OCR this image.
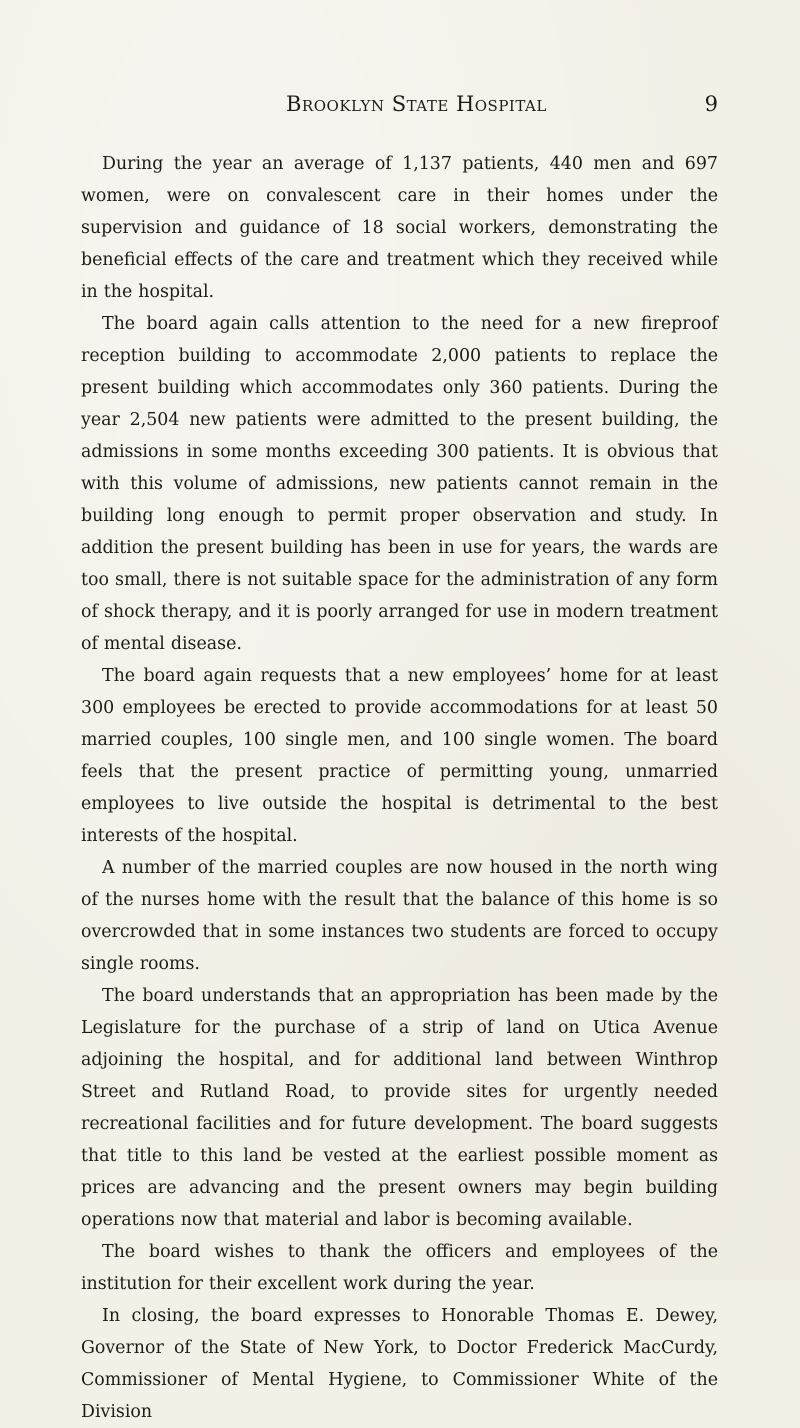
Brooklyn State Hospital	9

During the year an average of 1,137 patients, 440 men and 697 women, were on convalescent care in their homes under the supervision and guidance of 18 social workers, demonstrating the beneficial effects of the care and treatment which they received while in the hospital.

The board again calls attention to the need for a new fireproof reception building to accommodate 2,000 patients to replace the present building which accommodates only 360 patients. During the year 2,504 new patients were admitted to the present building, the admissions in some months exceeding 300 patients. It is obvious that with this volume of admissions, new patients cannot remain in the building long enough to permit proper observation and study. In addition the present building has been in use for years, the wards are too small, there is not suitable space for the administration of any form of shock therapy, and it is poorly arranged for use in modern treatment of mental disease.

The board again requests that a new employees’ home for at least 300 employees be erected to provide accommodations for at least 50 married couples, 100 single men, and 100 single women. The board feels that the present practice of permitting young, unmarried employees to live outside the hospital is detrimental to the best interests of the hospital.

A number of the married couples are now housed in the north wing of the nurses home with the result that the balance of this home is so overcrowded that in some instances two students are forced to occupy single rooms.

The board understands that an appropriation has been made by the Legislature for the purchase of a strip of land on Utica Avenue adjoining the hospital, and for additional land between Winthrop Street and Rutland Road, to provide sites for urgently needed recreational facilities and for future development. The board suggests that title to this land be vested at the earliest possible moment as prices are advancing and the present owners may begin building operations now that material and labor is becoming available.

The board wishes to thank the officers and employees of the institution for their excellent work during the year.

In closing, the board expresses to Honorable Thomas E. Dewey, Governor of the State of New York, to Doctor Frederick MacCurdy, Commissioner of Mental Hygiene, to Commissioner White of the Division
